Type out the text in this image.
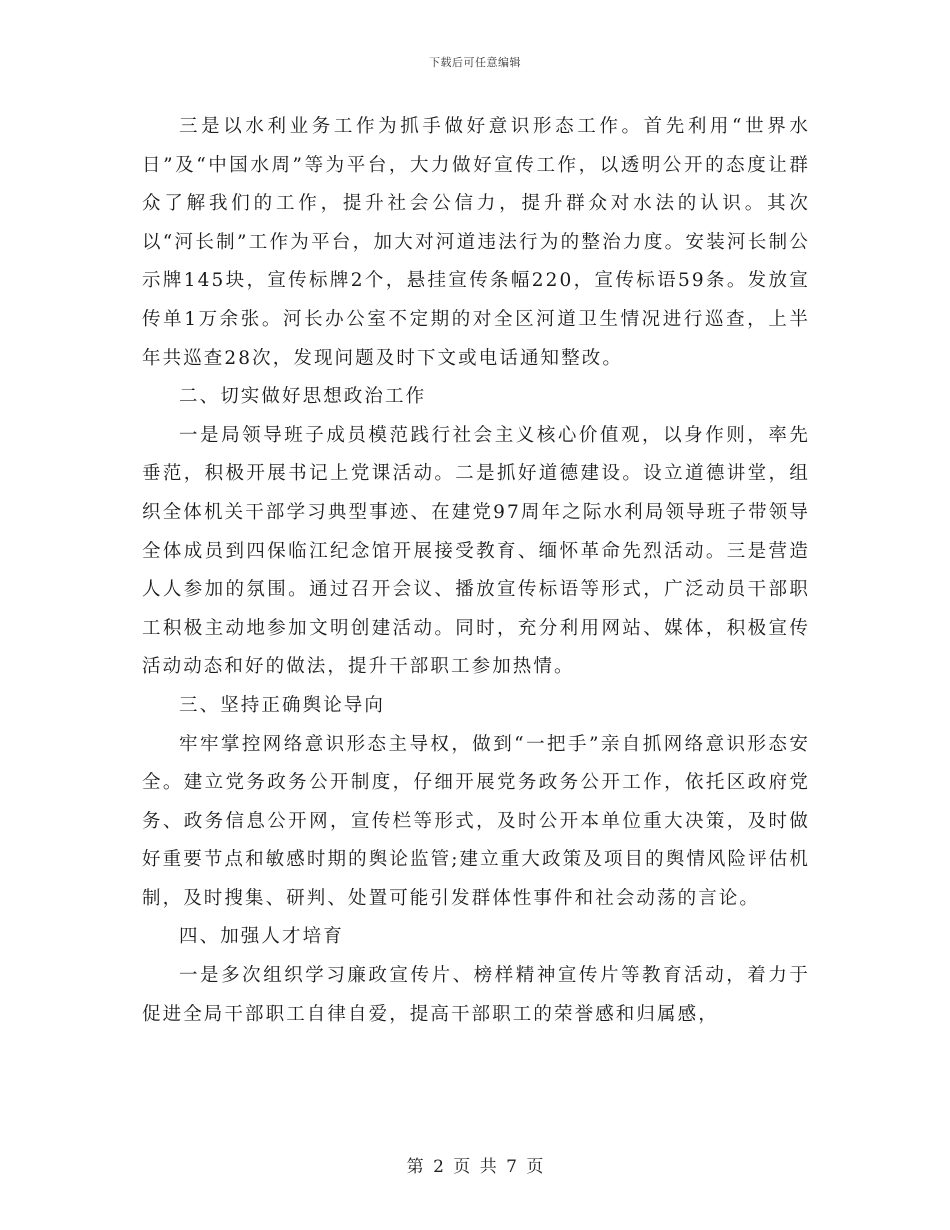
下载后可任意编辑

三是以水利业务工作为抓手做好意识形态工作。首先利用“世界水日”及“中国水周”等为平台，大力做好宣传工作，以透明公开的态度让群众了解我们的工作，提升社会公信力，提升群众对水法的认识。其次以“河长制”工作为平台，加大对河道违法行为的整治力度。安装河长制公示牌145块，宣传标牌2个，悬挂宣传条幅220，宣传标语59条。发放宣传单1万余张。河长办公室不定期的对全区河道卫生情况进行巡查，上半年共巡查28次，发现问题及时下文或电话通知整改。

二、切实做好思想政治工作

一是局领导班子成员模范践行社会主义核心价值观，以身作则，率先垂范，积极开展书记上党课活动。二是抓好道德建设。设立道德讲堂，组织全体机关干部学习典型事迹、在建党97周年之际水利局领导班子带领导全体成员到四保临江纪念馆开展接受教育、缅怀革命先烈活动。三是营造人人参加的氛围。通过召开会议、播放宣传标语等形式，广泛动员干部职工积极主动地参加文明创建活动。同时，充分利用网站、媒体，积极宣传活动动态和好的做法，提升干部职工参加热情。

三、坚持正确舆论导向

牢牢掌控网络意识形态主导权，做到“一把手”亲自抓网络意识形态安全。建立党务政务公开制度，仔细开展党务政务公开工作，依托区政府党务、政务信息公开网，宣传栏等形式，及时公开本单位重大决策，及时做好重要节点和敏感时期的舆论监管;建立重大政策及项目的舆情风险评估机制，及时搜集、研判、处置可能引发群体性事件和社会动荡的言论。

四、加强人才培育

一是多次组织学习廉政宣传片、榜样精神宣传片等教育活动，着力于促进全局干部职工自律自爱，提高干部职工的荣誉感和归属感，

第 2 页 共 7 页
